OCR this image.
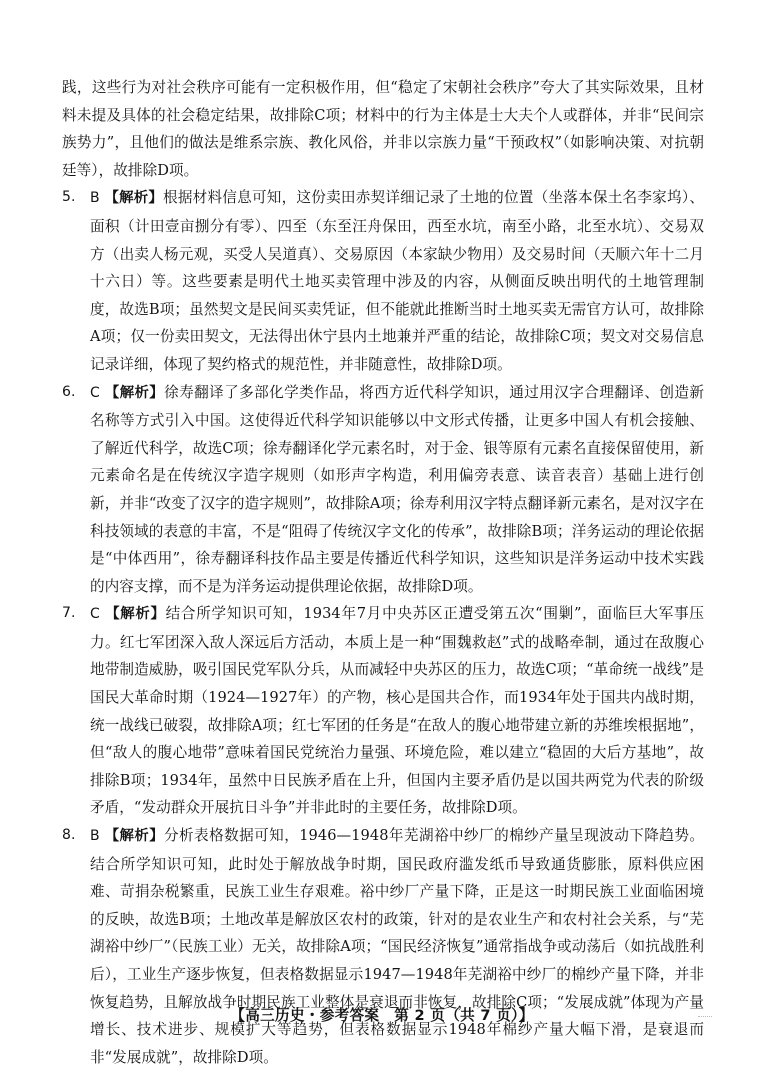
践，这些行为对社会秩序可能有一定积极作用，但“稳定了宋朝社会秩序”夸大了其实际效果，且材料未提及具体的社会稳定结果，故排除C项；材料中的行为主体是士大夫个人或群体，并非“民间宗族势力”，且他们的做法是维系宗族、教化风俗，并非以宗族力量“干预政权”（如影响决策、对抗朝廷等），故排除D项。

5. B 【解析】根据材料信息可知，这份卖田赤契详细记录了土地的位置（坐落本保土名李家坞）、面积（计田壹亩捌分有零）、四至（东至汪舟保田，西至水坑，南至小路，北至水坑）、交易双方（出卖人杨元观，买受人吴道真）、交易原因（本家缺少物用）及交易时间（天顺六年十二月十六日）等。这些要素是明代土地买卖管理中涉及的内容，从侧面反映出明代的土地管理制度，故选B项；虽然契文是民间买卖凭证，但不能就此推断当时土地买卖无需官方认可，故排除A项；仅一份卖田契文，无法得出休宁县内土地兼并严重的结论，故排除C项；契文对交易信息记录详细，体现了契约格式的规范性，并非随意性，故排除D项。

6. C 【解析】徐寿翻译了多部化学类作品，将西方近代科学知识，通过用汉字合理翻译、创造新名称等方式引入中国。这使得近代科学知识能够以中文形式传播，让更多中国人有机会接触、了解近代科学，故选C项；徐寿翻译化学元素名时，对于金、银等原有元素名直接保留使用，新元素命名是在传统汉字造字规则（如形声字构造，利用偏旁表意、读音表音）基础上进行创新，并非“改变了汉字的造字规则”，故排除A项；徐寿利用汉字特点翻译新元素名，是对汉字在科技领域的表意的丰富，不是“阻碍了传统汉字文化的传承”，故排除B项；洋务运动的理论依据是“中体西用”，徐寿翻译科技作品主要是传播近代科学知识，这些知识是洋务运动中技术实践的内容支撑，而不是为洋务运动提供理论依据，故排除D项。

7. C 【解析】结合所学知识可知，1934年7月中央苏区正遭受第五次“围剿”，面临巨大军事压力。红七军团深入敌人深远后方活动，本质上是一种“围魏救赵”式的战略牵制，通过在敌腹心地带制造威胁，吸引国民党军队分兵，从而减轻中央苏区的压力，故选C项；“革命统一战线”是国民大革命时期（1924—1927年）的产物，核心是国共合作，而1934年处于国共内战时期，统一战线已破裂，故排除A项；红七军团的任务是“在敌人的腹心地带建立新的苏维埃根据地”，但“敌人的腹心地带”意味着国民党统治力量强、环境危险，难以建立“稳固的大后方基地”，故排除B项；1934年，虽然中日民族矛盾在上升，但国内主要矛盾仍是以国共两党为代表的阶级矛盾，“发动群众开展抗日斗争”并非此时的主要任务，故排除D项。

8. B 【解析】分析表格数据可知，1946—1948年芜湖裕中纱厂的棉纱产量呈现波动下降趋势。结合所学知识可知，此时处于解放战争时期，国民政府滥发纸币导致通货膨胀，原料供应困难、苛捐杂税繁重，民族工业生存艰难。裕中纱厂产量下降，正是这一时期民族工业面临困境的反映，故选B项；土地改革是解放区农村的政策，针对的是农业生产和农村社会关系，与“芜湖裕中纱厂”（民族工业）无关，故排除A项；“国民经济恢复”通常指战争或动荡后（如抗战胜利后），工业生产逐步恢复，但表格数据显示1947—1948年芜湖裕中纱厂的棉纱产量下降，并非恢复趋势，且解放战争时期民族工业整体是衰退而非恢复，故排除C项；“发展成就”体现为产量增长、技术进步、规模扩大等趋势，但表格数据显示1948年棉纱产量大幅下滑，是衰退而非“发展成就”，故排除D项。

【高三历史・参考答案　第 2 页（共 7 页）】
